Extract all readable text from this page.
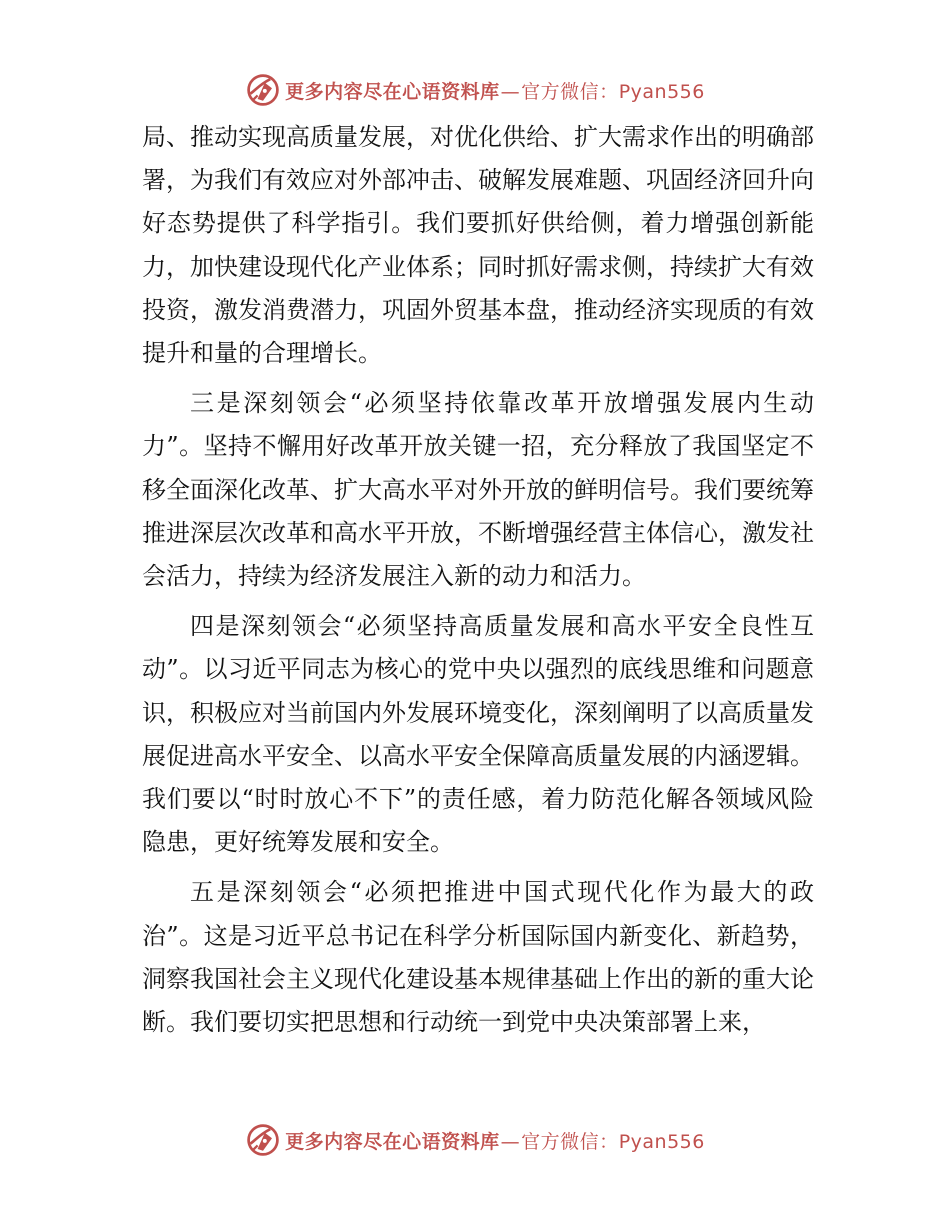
更多内容尽在心语资料库 — 官方微信： Pyan556

局、推动实现高质量发展，对优化供给、扩大需求作出的明确部署，为我们有效应对外部冲击、破解发展难题、巩固经济回升向好态势提供了科学指引。我们要抓好供给侧，着力增强创新能力，加快建设现代化产业体系；同时抓好需求侧，持续扩大有效投资，激发消费潜力，巩固外贸基本盘，推动经济实现质的有效提升和量的合理增长。

三是深刻领会“必须坚持依靠改革开放增强发展内生动力”。坚持不懈用好改革开放关键一招，充分释放了我国坚定不移全面深化改革、扩大高水平对外开放的鲜明信号。我们要统筹推进深层次改革和高水平开放，不断增强经营主体信心，激发社会活力，持续为经济发展注入新的动力和活力。

四是深刻领会“必须坚持高质量发展和高水平安全良性互动”。以习近平同志为核心的党中央以强烈的底线思维和问题意识，积极应对当前国内外发展环境变化，深刻阐明了以高质量发展促进高水平安全、以高水平安全保障高质量发展的内涵逻辑。我们要以“时时放心不下”的责任感，着力防范化解各领域风险隐患，更好统筹发展和安全。

五是深刻领会“必须把推进中国式现代化作为最大的政治”。这是习近平总书记在科学分析国际国内新变化、新趋势，洞察我国社会主义现代化建设基本规律基础上作出的新的重大论断。我们要切实把思想和行动统一到党中央决策部署上来，

更多内容尽在心语资料库 — 官方微信： Pyan556
